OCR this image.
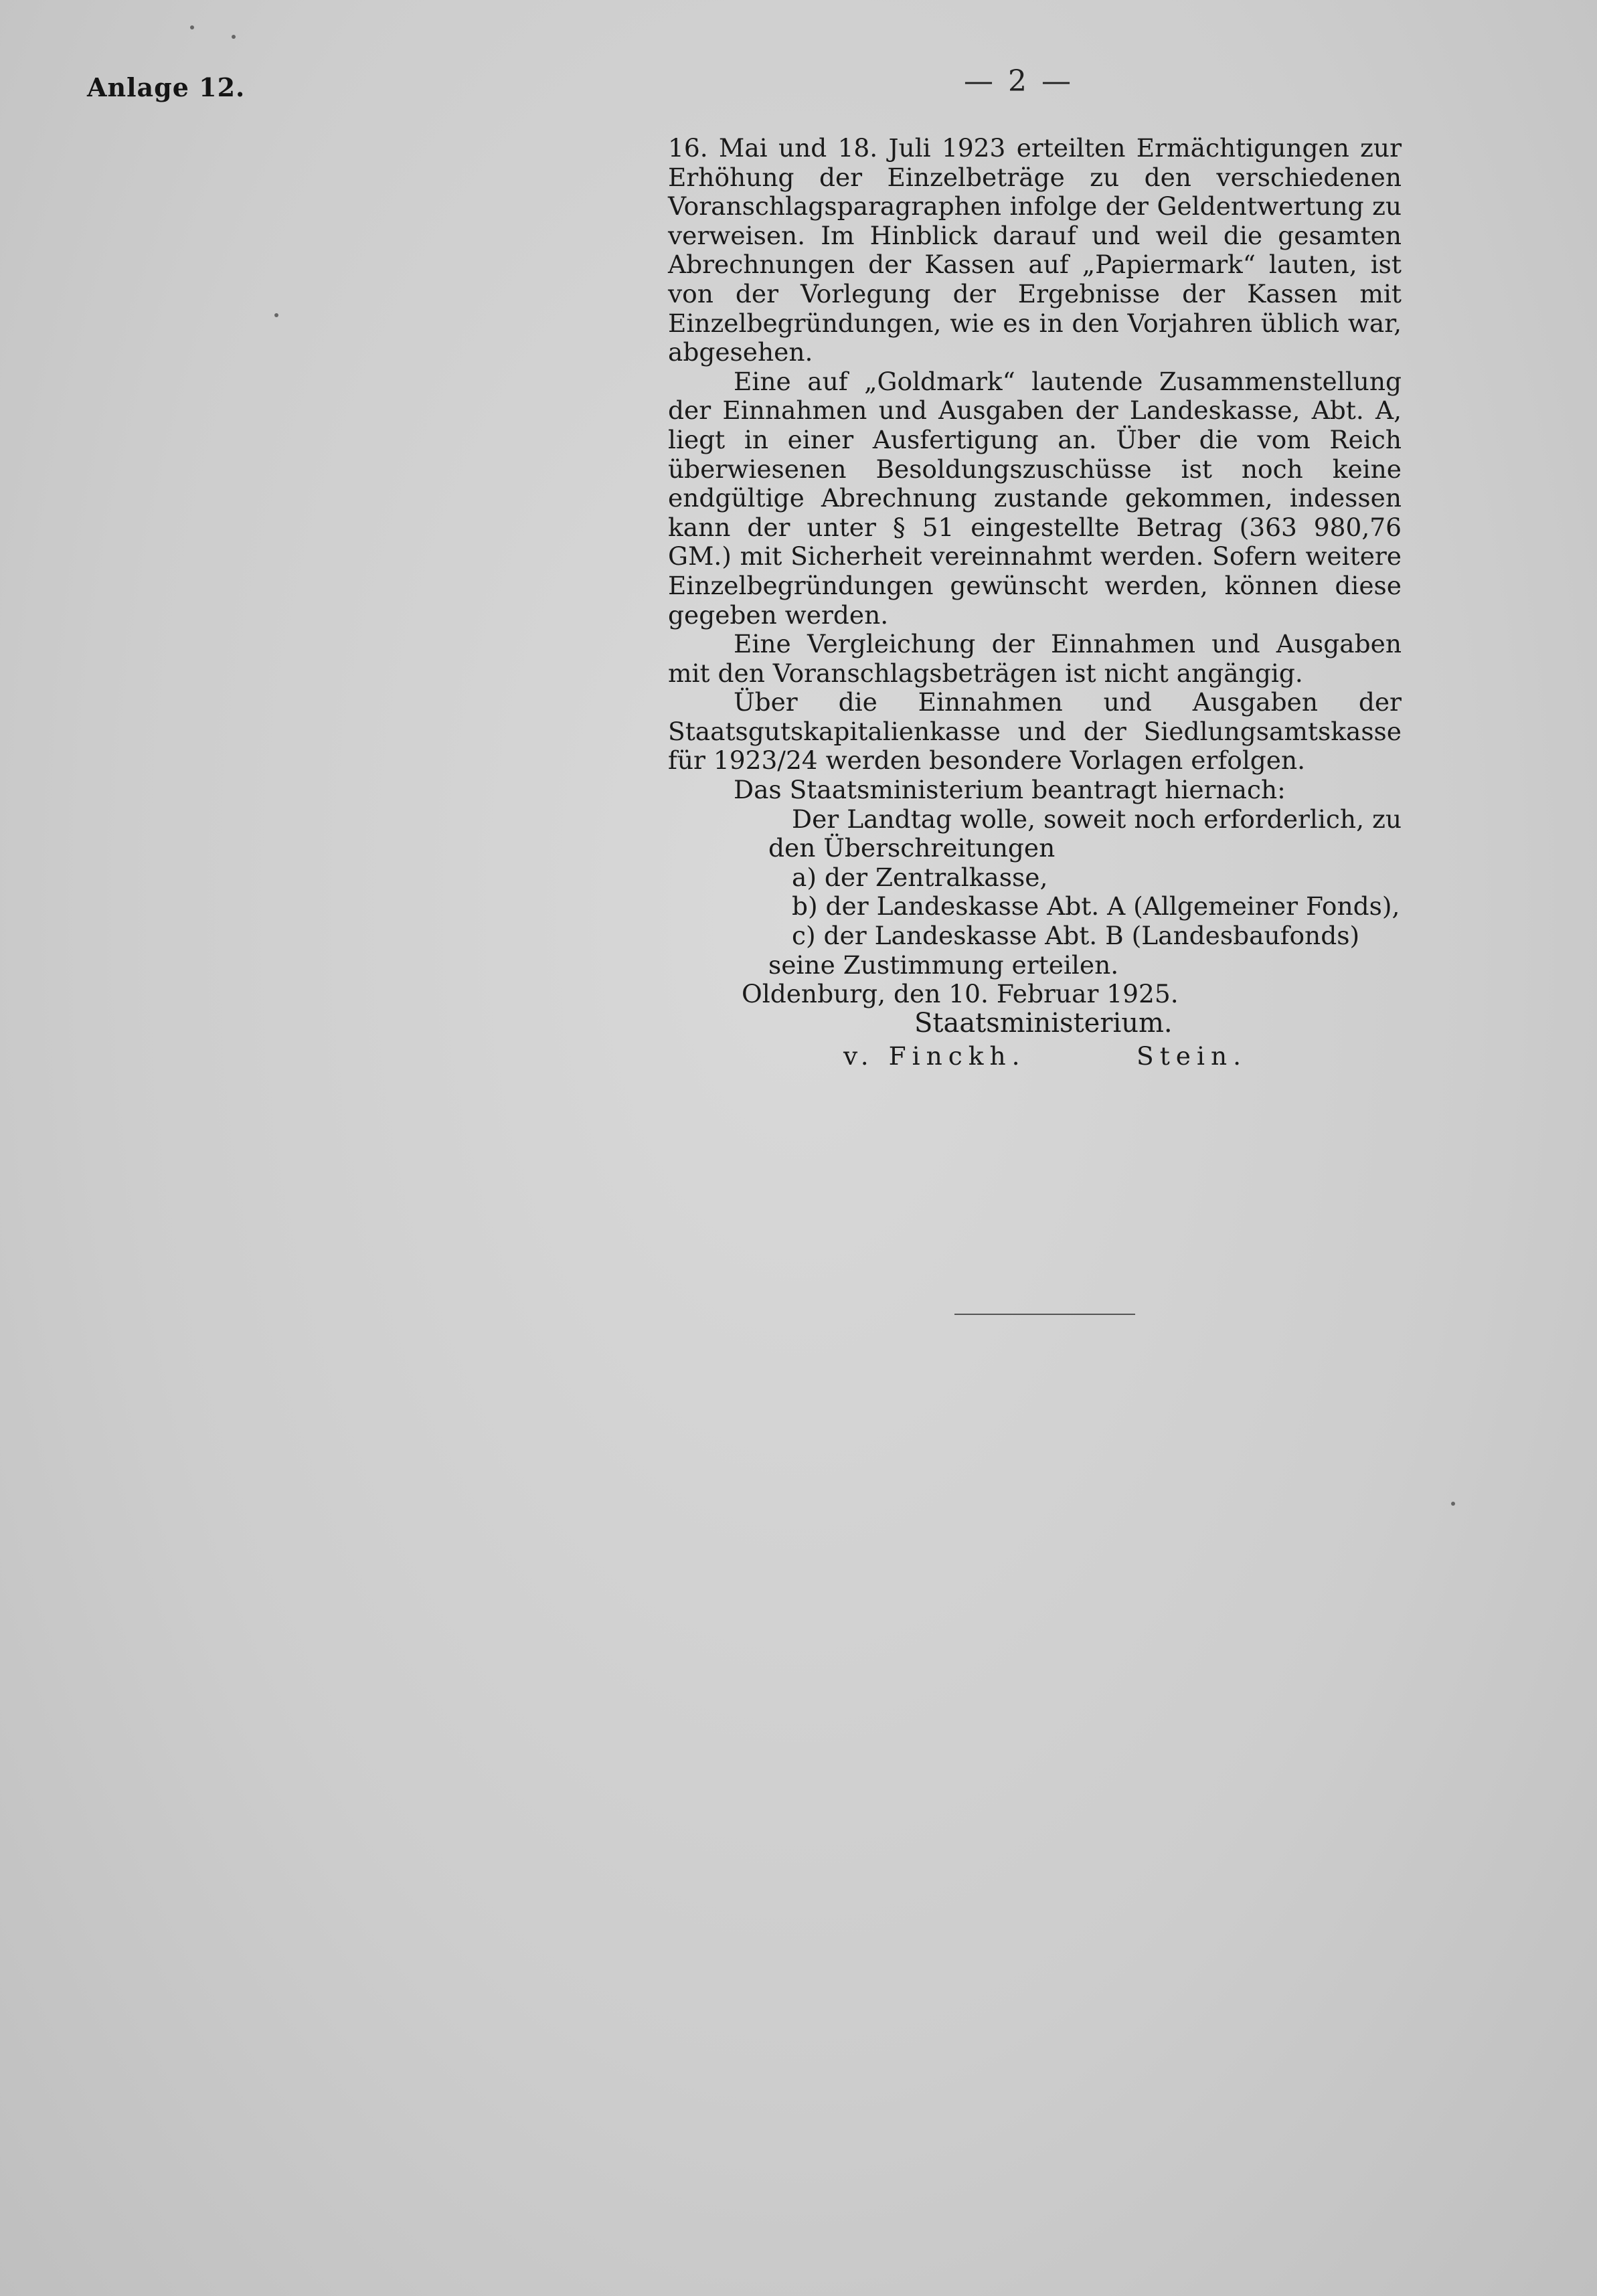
Anlage 12.	— 2 —

16. Mai und 18. Juli 1923 erteilten Ermächtigungen zur Erhöhung der Einzelbeträge zu den verschiedenen Voranschlagsparagraphen infolge der Geldentwertung zu verweisen. Im Hinblick darauf und weil die gesamten Abrechnungen der Kassen auf „Papiermark“ lauten, ist von der Vorlegung der Ergebnisse der Kassen mit Einzelbegründungen, wie es in den Vorjahren üblich war, abgesehen.

Eine auf „Goldmark“ lautende Zusammenstellung der Einnahmen und Ausgaben der Landeskasse, Abt. A, liegt in einer Ausfertigung an. Über die vom Reich überwiesenen Besoldungszuschüsse ist noch keine endgültige Abrechnung zustande gekommen, indessen kann der unter § 51 eingestellte Betrag (363 980,76 GM.) mit Sicherheit vereinnahmt werden. Sofern weitere Einzelbegründungen gewünscht werden, können diese gegeben werden.

Eine Vergleichung der Einnahmen und Ausgaben mit den Voranschlagsbeträgen ist nicht angängig.

Über die Einnahmen und Ausgaben der Staatsgutskapitalienkasse und der Siedlungsamtskasse für 1923/24 werden besondere Vorlagen erfolgen.

Das Staatsministerium beantragt hiernach:

Der Landtag wolle, soweit noch erforderlich, zu den Überschreitungen

a) der Zentralkasse,

b) der Landeskasse Abt. A (Allgemeiner Fonds),

c) der Landeskasse Abt. B (Landesbaufonds)

seine Zustimmung erteilen.

Oldenburg, den 10. Februar 1925.

Staatsministerium.

v. Finckh.	Stein.
